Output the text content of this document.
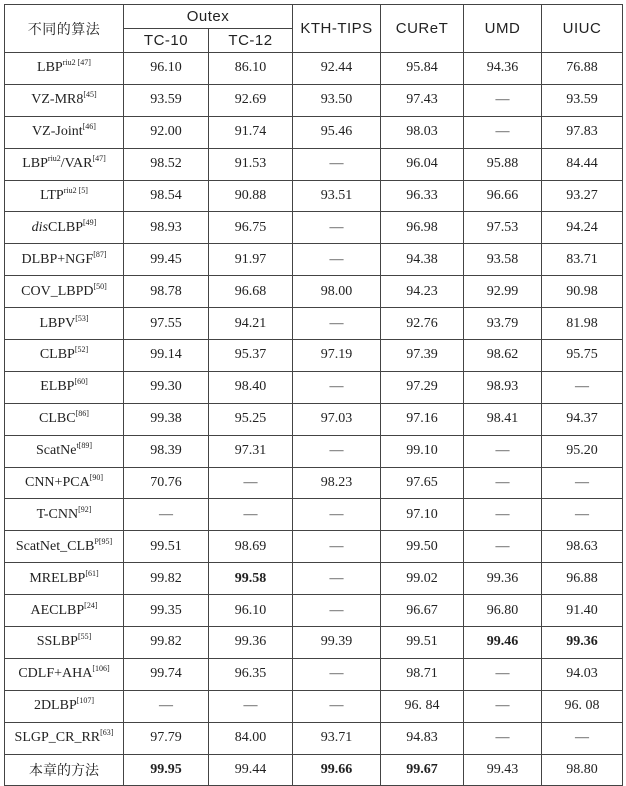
不同的算法	Outex		KTH-TIPS	CUReT	UMD	UIUC
	TC-10	TC-12				
LBP$^{riu2 [47]}$	96.10	86.10	92.44	95.84	94.36	76.88
VZ-MR8[45]	93.59	92.69	93.50	97.43	—	93.59
VZ-Joint[46]	92.00	91.74	95.46	98.03	—	97.83
LBP$^{riu2}$/VAR[47]	98.52	91.53	—	96.04	95.88	84.44
LTP$^{riu2 [5]}$	98.54	90.88	93.51	96.33	96.66	93.27
disCLBP[49]	98.93	96.75	—	96.98	97.53	94.24
DLBP+NGF[87]	99.45	91.97	—	94.38	93.58	83.71
COV_LBPD[50]	98.78	96.68	98.00	94.23	92.99	90.98
LBPV[53]	97.55	94.21	—	92.76	93.79	81.98
CLBP[52]	99.14	95.37	97.19	97.39	98.62	95.75
ELBP[60]	99.30	98.40	—	97.29	98.93	—
CLBC[86]	99.38	95.25	97.03	97.16	98.41	94.37
ScatNe$^{t[89]}$	98.39	97.31	—	99.10	—	95.20
CNN+PCA[90]	70.76	—	98.23	97.65	—	—
T-CNN[92]	—	—	—	97.10	—	—
ScatNet_CLB$^{P[95]}$	99.51	98.69	—	99.50	—	98.63
MRELBP[61]	99.82	99.58	—	99.02	99.36	96.88
AECLBP[24]	99.35	96.10	—	96.67	96.80	91.40
SSLBP[55]	99.82	99.36	99.39	99.51	99.46	99.36
CDLF+AHA[106]	99.74	96.35	—	98.71	—	94.03
2DLBP[107]	—	—	—	96. 84	—	96. 08
SLGP_CR_RR[63]	97.79	84.00	93.71	94.83	—	—
本章的方法	99.95	99.44	99.66	99.67	99.43	98.80
